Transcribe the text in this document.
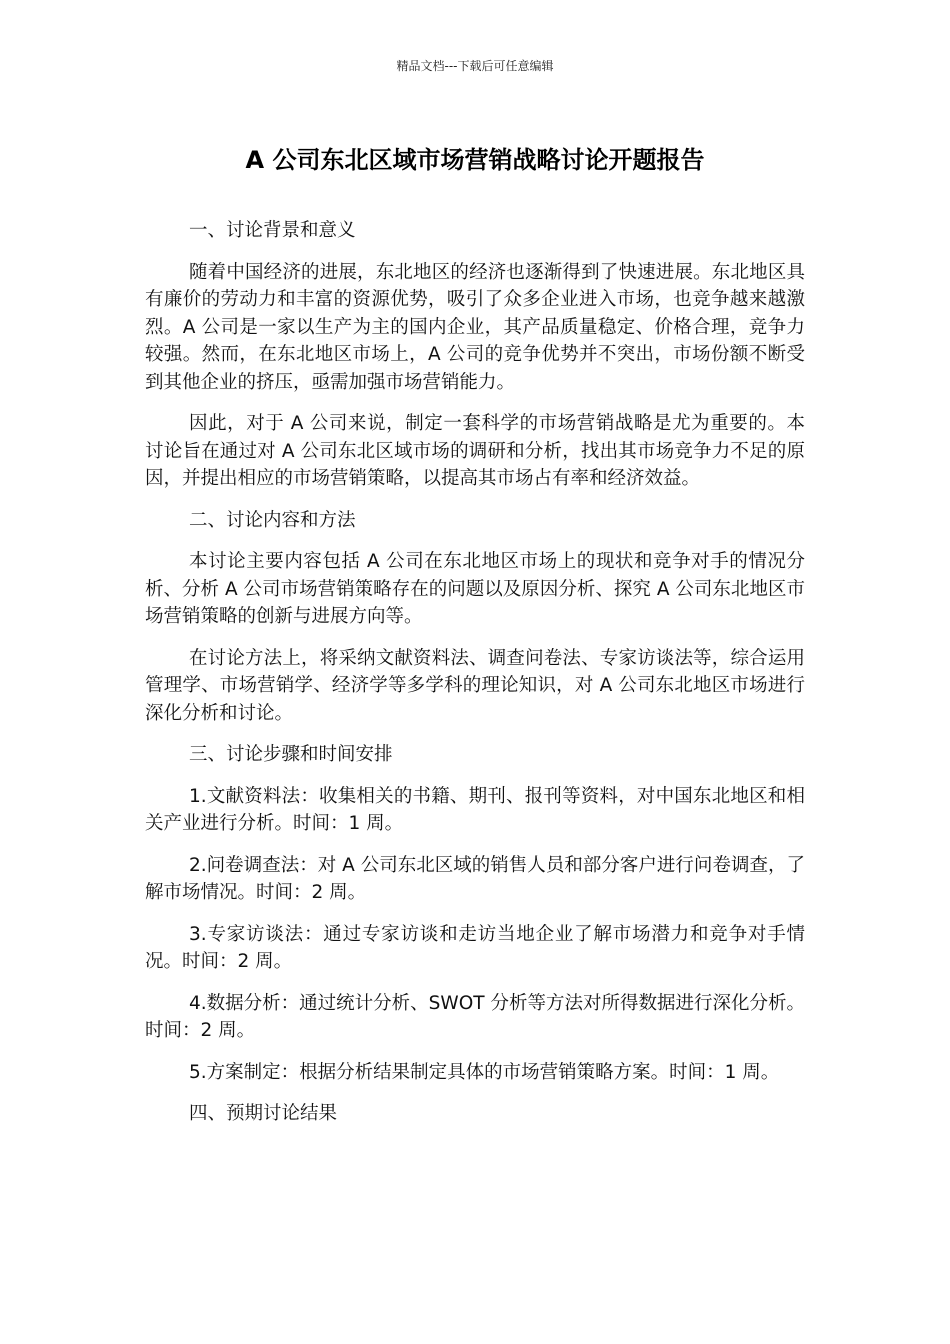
精品文档---下载后可任意编辑
A 公司东北区域市场营销战略讨论开题报告
一、讨论背景和意义
随着中国经济的进展，东北地区的经济也逐渐得到了快速进展。东北地区具有廉价的劳动力和丰富的资源优势，吸引了众多企业进入市场，也竞争越来越激烈。A 公司是一家以生产为主的国内企业，其产品质量稳定、价格合理，竞争力较强。然而，在东北地区市场上，A 公司的竞争优势并不突出，市场份额不断受到其他企业的挤压，亟需加强市场营销能力。
因此，对于 A 公司来说，制定一套科学的市场营销战略是尤为重要的。本讨论旨在通过对 A 公司东北区域市场的调研和分析，找出其市场竞争力不足的原因，并提出相应的市场营销策略，以提高其市场占有率和经济效益。
二、讨论内容和方法
本讨论主要内容包括 A 公司在东北地区市场上的现状和竞争对手的情况分析、分析 A 公司市场营销策略存在的问题以及原因分析、探究 A 公司东北地区市场营销策略的创新与进展方向等。
在讨论方法上，将采纳文献资料法、调查问卷法、专家访谈法等，综合运用管理学、市场营销学、经济学等多学科的理论知识，对 A 公司东北地区市场进行深化分析和讨论。
三、讨论步骤和时间安排
1.文献资料法：收集相关的书籍、期刊、报刊等资料，对中国东北地区和相关产业进行分析。时间：1 周。
2.问卷调查法：对 A 公司东北区域的销售人员和部分客户进行问卷调查，了解市场情况。时间：2 周。
3.专家访谈法：通过专家访谈和走访当地企业了解市场潜力和竞争对手情况。时间：2 周。
4.数据分析：通过统计分析、SWOT 分析等方法对所得数据进行深化分析。时间：2 周。
5.方案制定：根据分析结果制定具体的市场营销策略方案。时间：1 周。
四、预期讨论结果
